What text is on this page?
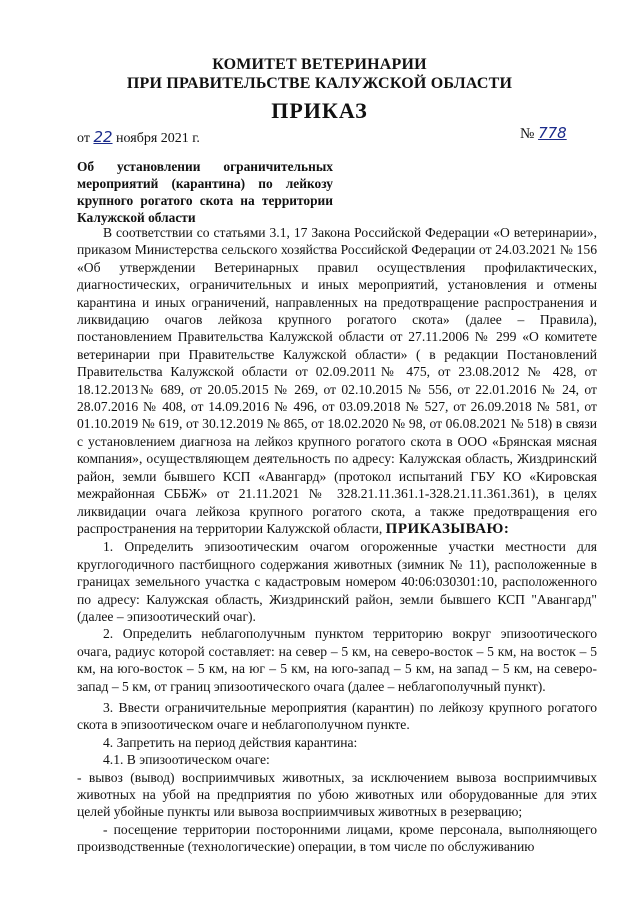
КОМИТЕТ ВЕТЕРИНАРИИ
ПРИ ПРАВИТЕЛЬСТВЕ КАЛУЖСКОЙ ОБЛАСТИ
ПРИКАЗ
от 22 ноября 2021 г.	№ 778
Об установлении ограничительных
мероприятий (карантина) по лейкозу
крупного рогатого скота на территории
Калужской области

В соответствии со статьями 3.1, 17 Закона Российской Федерации «О ветеринарии», приказом Министерства сельского хозяйства Российской Федерации от 24.03.2021 № 156 «Об утверждении Ветеринарных правил осуществления профилактических, диагностических, ограничительных и иных мероприятий, установления и отмены карантина и иных ограничений, направленных на предотвращение распространения и ликвидацию очагов лейкоза крупного рогатого скота» (далее – Правила), постановлением Правительства Калужской области от 27.11.2006 № 299 «О комитете ветеринарии при Правительстве Калужской области» ( в редакции Постановлений Правительства Калужской области от 02.09.2011№ 475, от 23.08.2012 № 428, от 18.12.2013№ 689, от 20.05.2015 № 269, от 02.10.2015 № 556, от 22.01.2016 № 24, от 28.07.2016 № 408, от 14.09.2016 № 496, от 03.09.2018 № 527, от 26.09.2018 № 581, от 01.10.2019 № 619, от 30.12.2019 № 865, от 18.02.2020 № 98, от 06.08.2021 № 518) в связи с установлением диагноза на лейкоз крупного рогатого скота в ООО «Брянская мясная компания», осуществляющем деятельность по адресу: Калужская область, Жиздринский район, земли бывшего КСП «Авангард» (протокол испытаний ГБУ КО «Кировская межрайонная СББЖ» от 21.11.2021 № 328.21.11.361.1-328.21.11.361.361), в целях ликвидации очага лейкоза крупного рогатого скота, а также предотвращения его распространения на территории Калужской области, ПРИКАЗЫВАЮ:

1. Определить эпизоотическим очагом огороженные участки местности для круглогодичного пастбищного содержания животных (зимник № 11), расположенные в границах земельного участка с кадастровым номером 40:06:030301:10, расположенного по адресу: Калужская область, Жиздринский район, земли бывшего КСП "Авангард" (далее – эпизоотический очаг).

2. Определить неблагополучным пунктом территорию вокруг эпизоотического очага, радиус которой составляет: на север – 5 км, на северо-восток – 5 км, на восток – 5 км, на юго-восток – 5 км, на юг – 5 км, на юго-запад – 5 км, на запад – 5 км, на северо-запад – 5 км, от границ эпизоотического очага (далее – неблагополучный пункт).

3. Ввести ограничительные мероприятия (карантин) по лейкозу крупного рогатого скота в эпизоотическом очаге и неблагополучном пункте.

4. Запретить на период действия карантина:

4.1. В эпизоотическом очаге:

- вывоз (вывод) восприимчивых животных, за исключением вывоза восприимчивых животных на убой на предприятия по убою животных или оборудованные для этих целей убойные пункты или вывоза восприимчивых животных в резервацию;

- посещение территории посторонними лицами, кроме персонала, выполняющего производственные (технологические) операции, в том числе по обслуживанию
